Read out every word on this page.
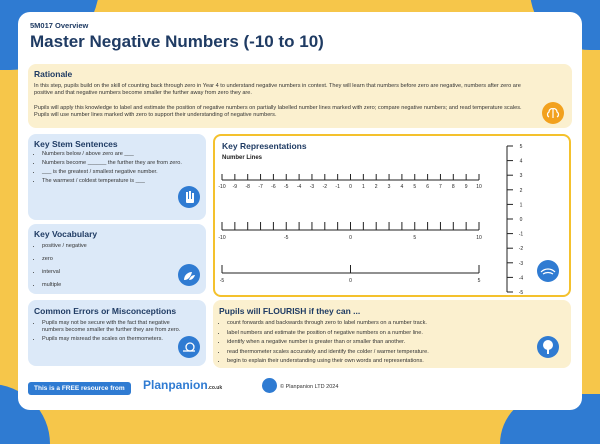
5M017 Overview
Master Negative Numbers (-10 to 10)
Rationale
In this step, pupils build on the skill of counting back through zero in Year 4 to understand negative numbers in context. They will learn that numbers before zero are negative, numbers after zero are positive and that negative numbers become smaller the further away from zero they are.
Pupils will apply this knowledge to label and estimate the position of negative numbers on partially labelled number lines marked with zero; compare negative numbers; and read temperature scales. Pupils will use number lines marked with zero to support their understanding of negative numbers.
Key Stem Sentences
• Numbers below / above zero are ___
• Numbers become ______ the further they are from zero.
• ___ is the greatest / smallest negative number.
• The warmest / coldest temperature is ___
Key Vocabulary
• positive / negative
• zero
• interval
• multiple
Common Errors or Misconceptions
• Pupils may not be secure with the fact that negative numbers become smaller the further they are from zero.
• Pupils may misread the scales on thermometers.
Key Representations
Number Lines
-10 -9 -8 -7 -6 -5 -4 -3 -2 -1 0 1 2 3 4 5 6 7 8 9 10
-10	-5	0	5	10
-5	0	5
5
4
3
2
1
0
-1
-2
-3
-4
-5
Pupils will FLOURISH if they can ...
• count forwards and backwards through zero to label numbers on a number track.
• label numbers and estimate the position of negative numbers on a number line.
• identify when a negative number is greater than or smaller than another.
• read thermometer scales accurately and identify the colder / warmer temperature.
• begin to explain their understanding using their own words and representations.
This is a FREE resource from	Planpanion.co.uk	© Planpanion LTD 2024
